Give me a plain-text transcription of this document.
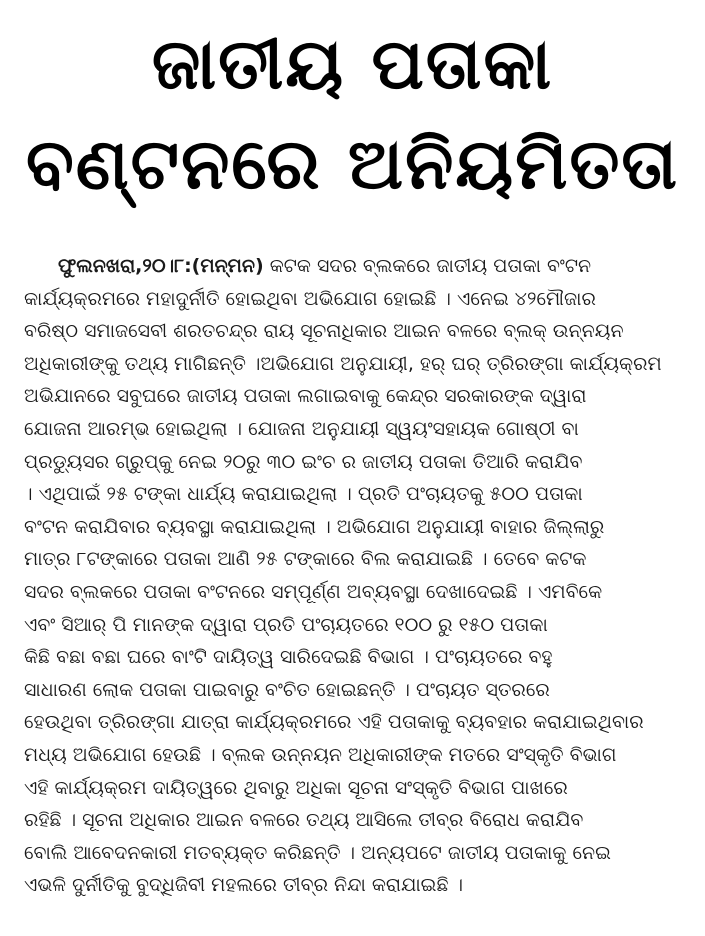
ଜାତୀୟ ପତାକା
ବଣ୍ଟନରେ ଅନିୟମିତତା
ଫୁଲନଖରା,୨୦।୮:(ମନ୍ମନ) କଟକ ସଦର ବ୍ଲକରେ ଜାତୀୟ ପତାକା ବଂଟନ
କାର୍ଯ୍ୟକ୍ରମରେ ମହାଦୁର୍ନୀତି ହୋଇଥିବା ଅଭିଯୋଗ ହୋଇଛି । ଏନେଇ ୪୨ମୌଜାର
ବରିଷ୍ଠ ସମାଜସେବୀ ଶରତଚନ୍ଦ୍ର ରାୟ ସୂଚନାଧିକାର ଆଇନ ବଳରେ ବ୍ଲକ୍ ଉନ୍ନୟନ
ଅଧିକାରୀଙ୍କୁ ତଥ୍ୟ ମାଗିଛନ୍ତି ।ଅଭିଯୋଗ ଅନୁଯାୟୀ, ହର୍ ଘର୍ ତ୍ରିରଙ୍ଗା କାର୍ଯ୍ୟକ୍ରମ
ଅଭିଯାନରେ ସବୁଘରେ ଜାତୀୟ ପତାକା ଲଗାଇବାକୁ କେନ୍ଦ୍ର ସରକାରଙ୍କ ଦ୍ୱାରା
ଯୋଜନା ଆରମ୍ଭ ହୋଇଥିଲା । ଯୋଜନା ଅନୁଯାୟୀ ସ୍ୱୟଂସହାୟକ ଗୋଷ୍ଠୀ ବା
ପ୍ରଡ୍ୟୁସର ଗ୍ରୁପ୍‌କୁ ନେଇ ୨୦ରୁ ୩୦ ଇଂଚ ର ଜାତୀୟ ପତାକା ତିଆରି କରାଯିବ
। ଏଥିପାଇଁ ୨୫ ଟଙ୍କା ଧାର୍ଯ୍ୟ କରାଯାଇଥିଲା । ପ୍ରତି ପଂଚାୟତକୁ ୫୦୦ ପତାକା
ବଂଟନ କରାଯିବାର ବ୍ୟବସ୍ଥା କରାଯାଇଥିଲା । ଅଭିଯୋଗ ଅନୁଯାୟୀ ବାହାର ଜିଲ୍ଲାରୁ
ମାତ୍ର ୮ଟଙ୍କାରେ ପତାକା ଆଣି ୨୫ ଟଙ୍କାରେ ବିଲ କରାଯାଇଛି । ତେବେ କଟକ
ସଦର ବ୍ଲକରେ ପତାକା ବଂଟନରେ ସମ୍ପୂର୍ଣ୍ଣ ଅବ୍ୟବସ୍ଥା ଦେଖାଦେଇଛି । ଏମବିକେ
ଏବଂ ସିଆର୍ ପି ମାନଙ୍କ ଦ୍ୱାରା ପ୍ରତି ପଂଚାୟତରେ ୧୦୦ ରୁ ୧୫୦ ପତାକା
କିଛି ବଛା ବଛା ଘରେ ବାଂଟି ଦାୟିତ୍ୱ ସାରିଦେଇଛି ବିଭାଗ । ପଂଚାୟତରେ ବହୁ
ସାଧାରଣ ଲୋକ ପତାକା ପାଇବାରୁ ବଂଚିତ ହୋଇଛନ୍ତି । ପଂଚାୟତ ସ୍ତରରେ
ହେଉଥିବା ତ୍ରିରଙ୍ଗା ଯାତ୍ରା କାର୍ଯ୍ୟକ୍ରମରେ ଏହି ପତାକାକୁ ବ୍ୟବହାର କରାଯାଇଥିବାର
ମଧ୍ୟ ଅଭିଯୋଗ ହେଉଛି । ବ୍ଲକ ଉନ୍ନୟନ ଅଧିକାରୀଙ୍କ ମତରେ ସଂସ୍କୃତି ବିଭାଗ
ଏହି କାର୍ଯ୍ୟକ୍ରମ ଦାୟିତ୍ୱରେ ଥିବାରୁ ଅଧିକା ସୂଚନା ସଂସ୍କୃତି ବିଭାଗ ପାଖରେ
ରହିଛି । ସୂଚନା ଅଧିକାର ଆଇନ ବଳରେ ତଥ୍ୟ ଆସିଲେ ତୀବ୍ର ବିରୋଧ କରାଯିବ
ବୋଲି ଆବେଦନକାରୀ ମତବ୍ୟକ୍ତ କରିଛନ୍ତି । ଅନ୍ୟପଟେ ଜାତୀୟ ପତାକାକୁ ନେଇ
ଏଭଳି ଦୁର୍ନୀତିକୁ ବୁଦ୍ଧିଜିବୀ ମହଲରେ ତୀବ୍ର ନିନ୍ଦା କରାଯାଇଛି ।
